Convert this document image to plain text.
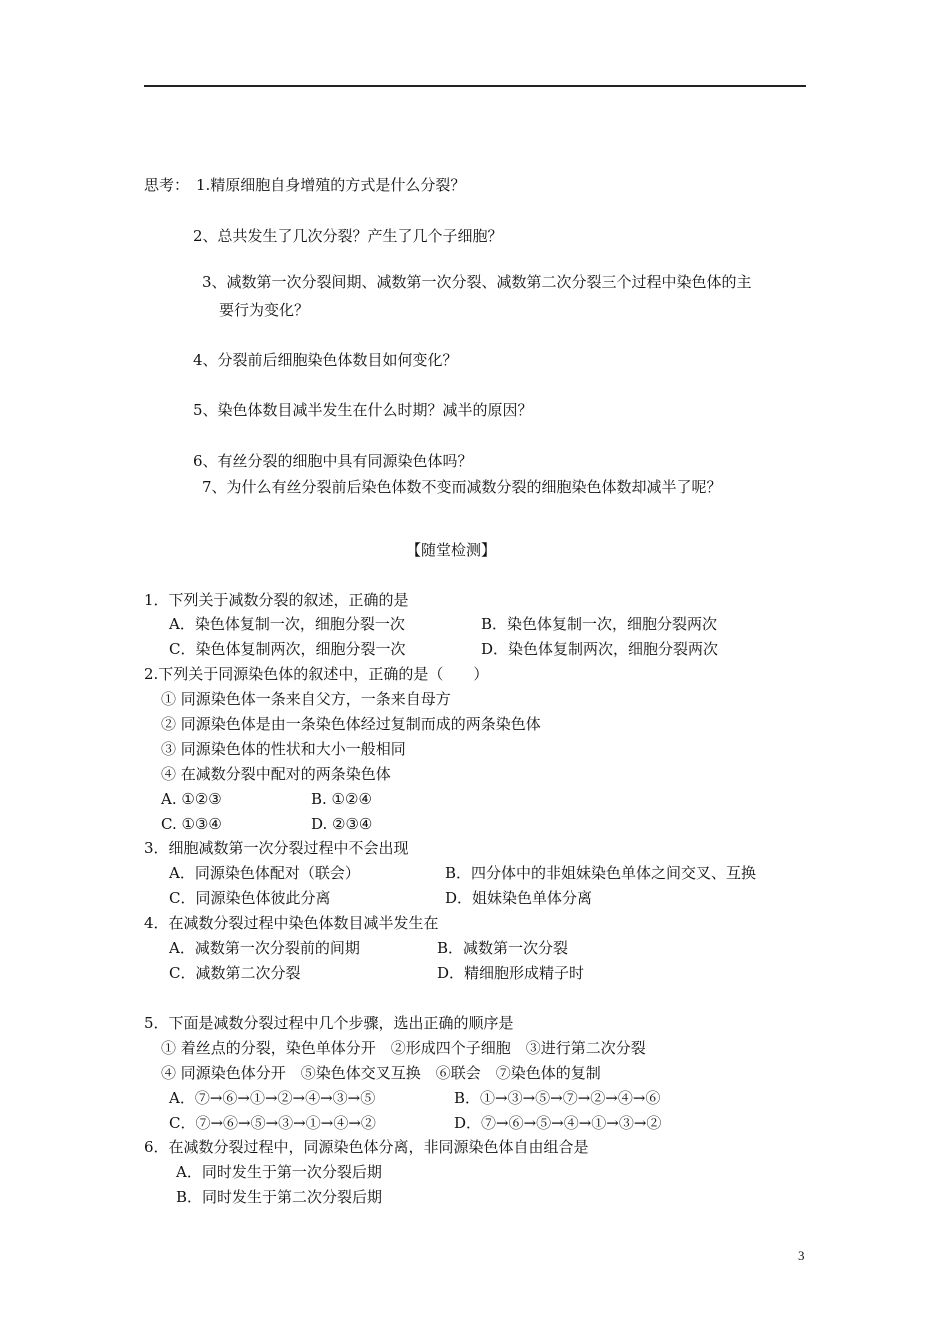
思考： 1.精原细胞自身增殖的方式是什么分裂？
2、总共发生了几次分裂？产生了几个子细胞？
3、减数第一次分裂间期、减数第一次分裂、减数第二次分裂三个过程中染色体的主
要行为变化？
4、分裂前后细胞染色体数目如何变化？
5、染色体数目减半发生在什么时期？减半的原因？
6、有丝分裂的细胞中具有同源染色体吗？
7、为什么有丝分裂前后染色体数不变而减数分裂的细胞染色体数却减半了呢？
【随堂检测】
1．下列关于减数分裂的叙述，正确的是
A．染色体复制一次，细胞分裂一次	B．染色体复制一次，细胞分裂两次
C．染色体复制两次，细胞分裂一次	D．染色体复制两次，细胞分裂两次
2.下列关于同源染色体的叙述中，正确的是（　　）
① 同源染色体一条来自父方，一条来自母方
② 同源染色体是由一条染色体经过复制而成的两条染色体
③ 同源染色体的性状和大小一般相同
④ 在减数分裂中配对的两条染色体
A. ①②③	B. ①②④
C. ①③④	D. ②③④
3．细胞减数第一次分裂过程中不会出现
A．同源染色体配对（联会）	B．四分体中的非姐妹染色单体之间交叉、互换
C．同源染色体彼此分离	D．姐妹染色单体分离
4．在减数分裂过程中染色体数目减半发生在
A．减数第一次分裂前的间期	B．减数第一次分裂
C．减数第二次分裂	D．精细胞形成精子时
5．下面是减数分裂过程中几个步骤，选出正确的顺序是
① 着丝点的分裂，染色单体分开　②形成四个子细胞　③进行第二次分裂
④ 同源染色体分开　⑤染色体交叉互换　⑥联会　⑦染色体的复制
A．⑦→⑥→①→②→④→③→⑤	B．①→③→⑤→⑦→②→④→⑥
C．⑦→⑥→⑤→③→①→④→②	D．⑦→⑥→⑤→④→①→③→②
6．在减数分裂过程中，同源染色体分离，非同源染色体自由组合是
A．同时发生于第一次分裂后期
B．同时发生于第二次分裂后期
3
